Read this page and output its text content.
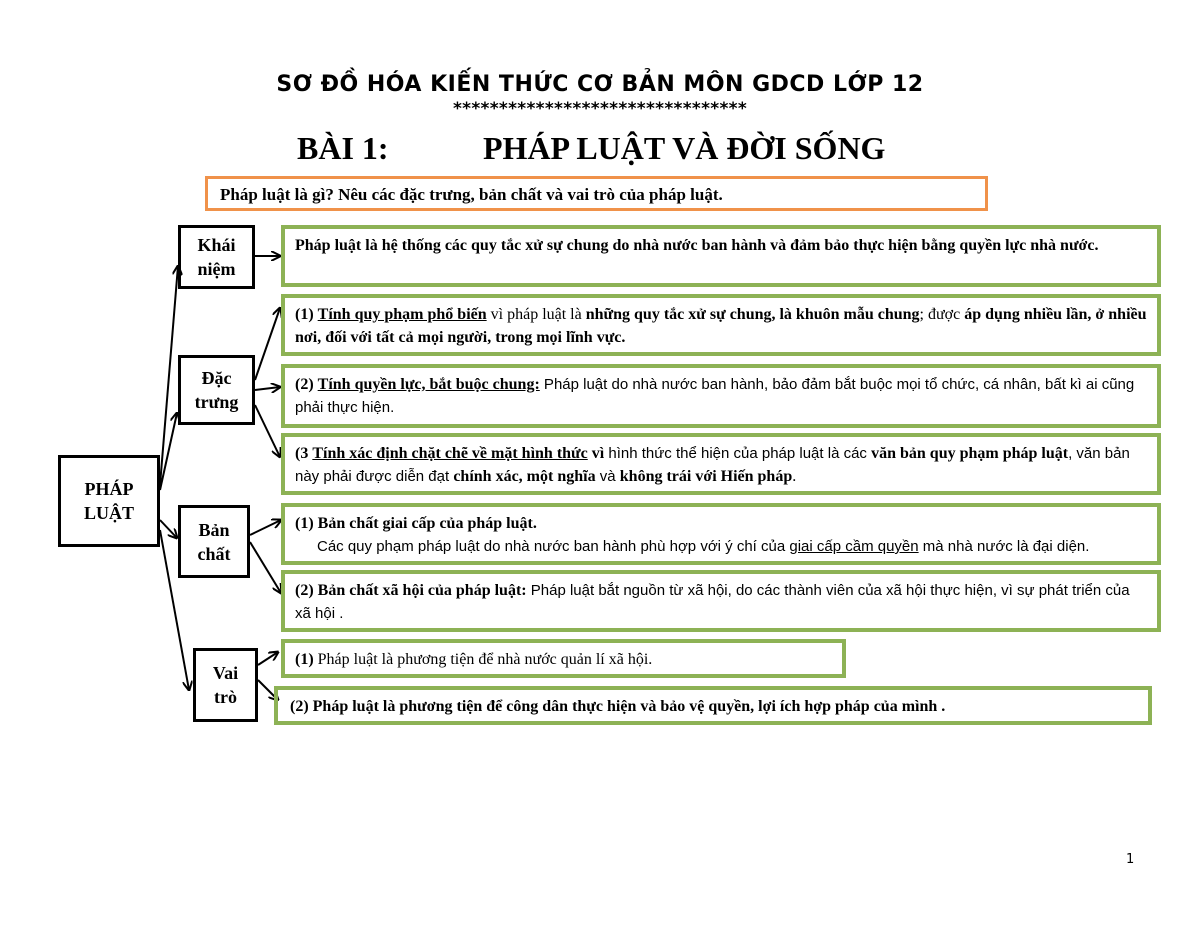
SƠ ĐỒ HÓA KIẾN THỨC CƠ BẢN MÔN GDCD LỚP 12
********************************
BÀI 1:	PHÁP LUẬT VÀ ĐỜI SỐNG
Pháp luật là gì? Nêu các đặc trưng, bản chất và vai trò của pháp luật.
PHÁP LUẬT
Khái niệm
Đặc trưng
Bản chất
Vai trò
Pháp luật là hệ thống các quy tắc xử sự chung do nhà nước ban hành và đảm bảo thực hiện bằng quyền lực nhà nước.
(1) Tính quy phạm phổ biến vì pháp luật là những quy tắc xử sự chung, là khuôn mẫu chung; được áp dụng nhiều lần, ở nhiều nơi, đối với tất cả mọi người, trong mọi lĩnh vực.
(2) Tính quyền lực, bắt buộc chung: Pháp luật do nhà nước ban hành, bảo đảm bắt buộc mọi tổ chức, cá nhân, bất kì ai cũng phải thực hiện.
(3 Tính xác định chặt chẽ về mặt hình thức vì hình thức thể hiện của pháp luật là các văn bản quy phạm pháp luật, văn bản này phải được diễn đạt chính xác, một nghĩa và không trái với Hiến pháp.
(1) Bản chất giai cấp của pháp luật.
Các quy phạm pháp luật do nhà nước ban hành phù hợp với ý chí của giai cấp cầm quyền mà nhà nước là đại diện.
(2) Bản chất xã hội của pháp luật: Pháp luật bắt nguồn từ xã hội, do các thành viên của xã hội thực hiện, vì sự phát triển của xã hội .
(1) Pháp luật là phương tiện để nhà nước quản lí xã hội.
(2) Pháp luật là phương tiện để công dân thực hiện và bảo vệ quyền, lợi ích hợp pháp của mình .
1
